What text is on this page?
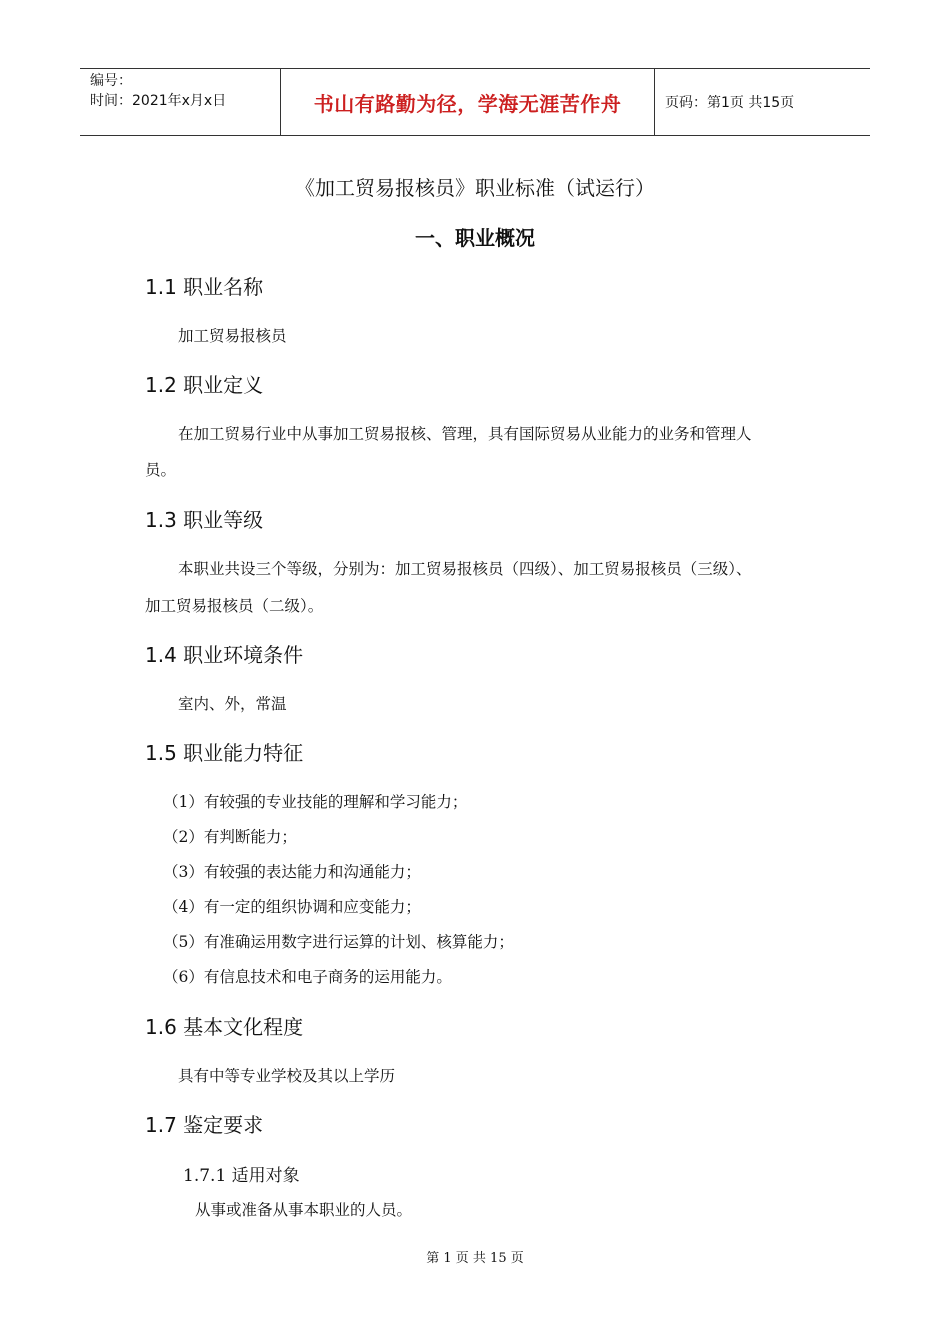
编号：
时间：2021年x月x日	书山有路勤为径，学海无涯苦作舟	页码：第1页 共15页
《加工贸易报核员》职业标准（试运行）
一、职业概况
1.1 职业名称
加工贸易报核员
1.2 职业定义
在加工贸易行业中从事加工贸易报核、管理，具有国际贸易从业能力的业务和管理人
员。
1.3 职业等级
本职业共设三个等级，分别为：加工贸易报核员（四级）、加工贸易报核员（三级）、
加工贸易报核员（二级）。
1.4 职业环境条件
室内、外，常温
1.5 职业能力特征
（1）有较强的专业技能的理解和学习能力；
（2）有判断能力；
（3）有较强的表达能力和沟通能力；
（4）有一定的组织协调和应变能力；
（5）有准确运用数字进行运算的计划、核算能力；
（6）有信息技术和电子商务的运用能力。
1.6 基本文化程度
具有中等专业学校及其以上学历
1.7 鉴定要求
1.7.1 适用对象
从事或准备从事本职业的人员。
第 1 页 共 15 页
